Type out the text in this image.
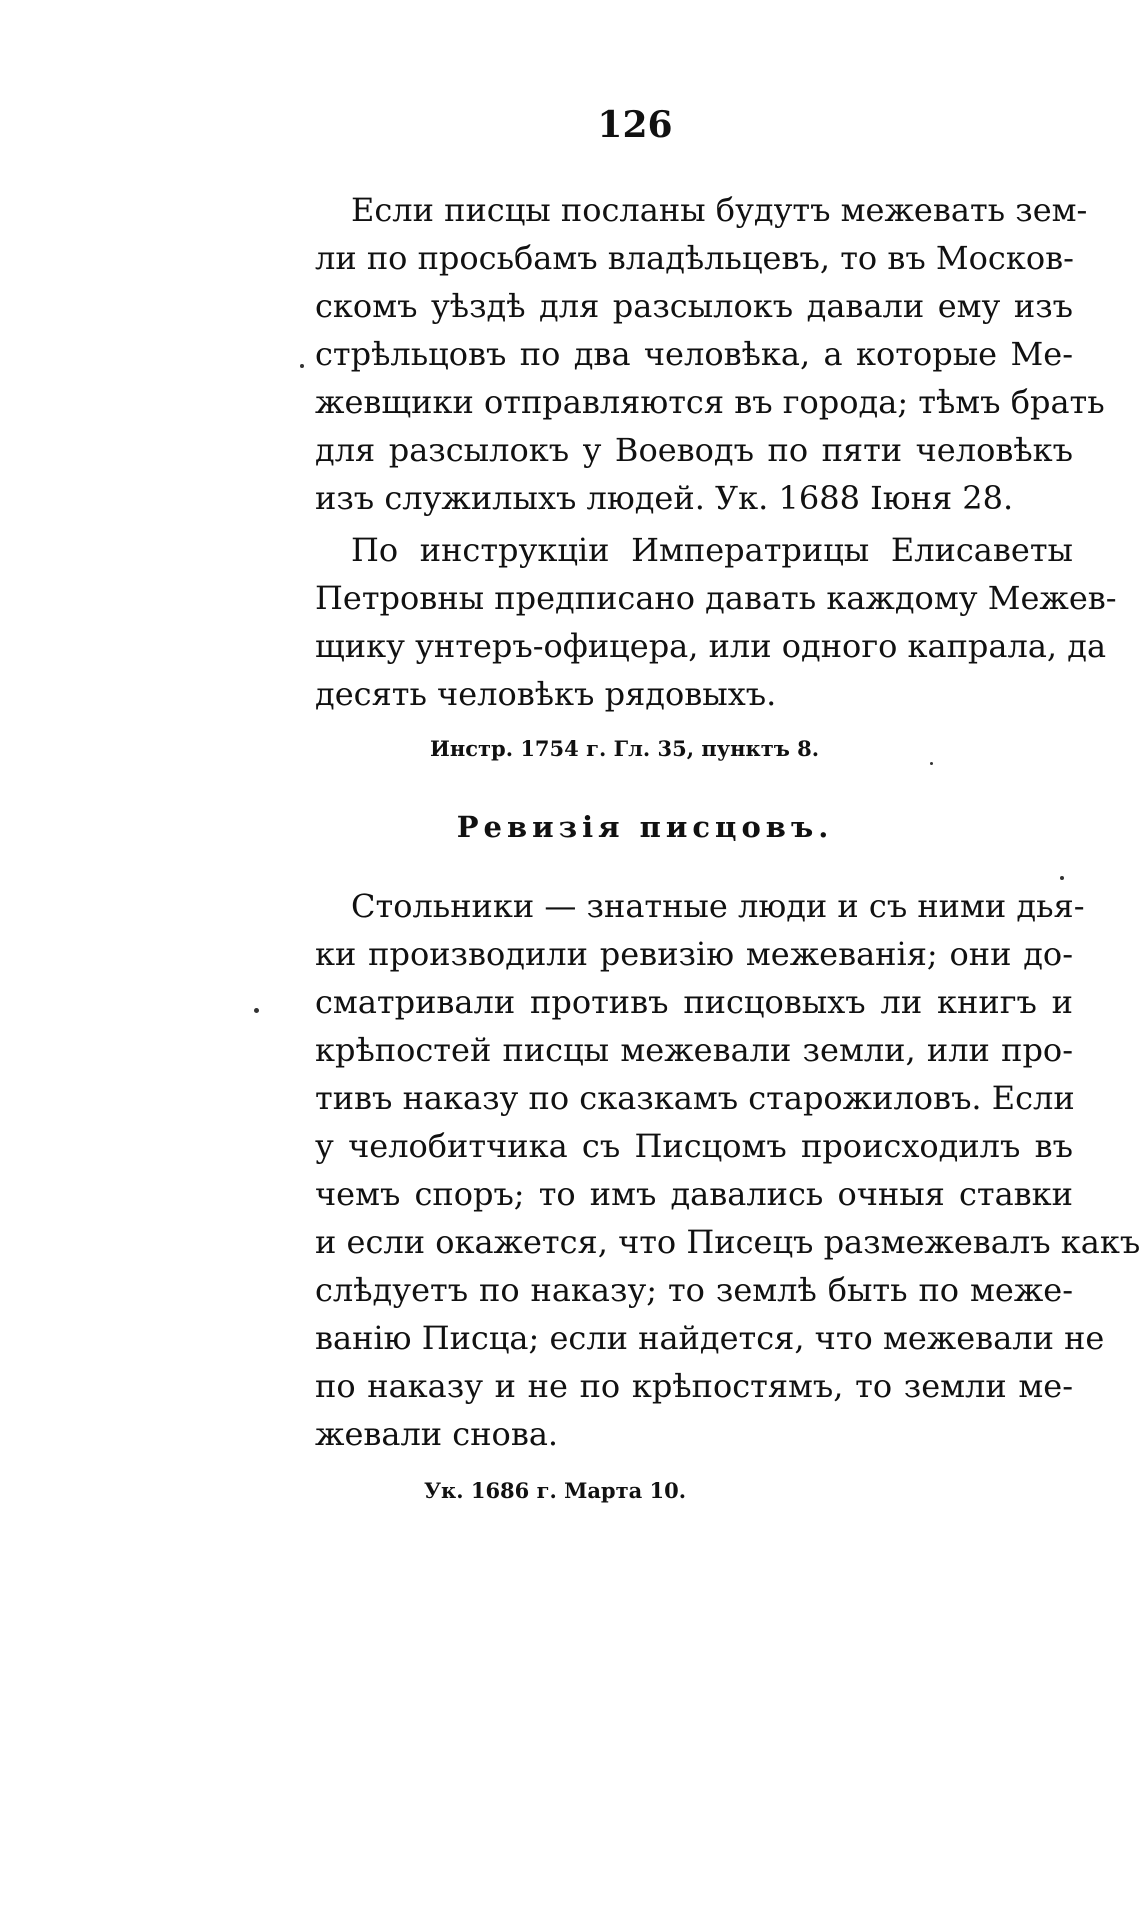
126

Если писцы посланы будутъ межевать зем-
ли по просьбамъ владѣльцевъ, то въ Москов-
скомъ уѣздѣ для разсылокъ давали ему изъ
стрѣльцовъ по два человѣка, а которые Ме-
жевщики отправляются въ города; тѣмъ брать
для разсылокъ у Воеводъ по пяти человѣкъ
изъ служилыхъ людей. Ук. 1688 Іюня 28.

По инструкціи Императрицы Елисаветы
Петровны предписано давать каждому Межев-
щику унтеръ-офицера, или одного капрала, да
десять человѣкъ рядовыхъ.

Инстр. 1754 г. Гл. 35, пунктъ 8.
Ревизія писцовъ.

Стольники — знатные люди и съ ними дья-
ки производили ревизію межеванія; они до-
сматривали противъ писцовыхъ ли книгъ и
крѣпостей писцы межевали земли, или про-
тивъ наказу по сказкамъ старожиловъ. Если
у челобитчика съ Писцомъ происходилъ въ
чемъ споръ; то имъ давались очныя ставки
и если окажется, что Писецъ размежевалъ какъ
слѣдуетъ по наказу; то землѣ быть по меже-
ванію Писца; если найдется, что межевали не
по наказу и не по крѣпостямъ, то земли ме-
жевали снова.

Ук. 1686 г. Марта 10.
